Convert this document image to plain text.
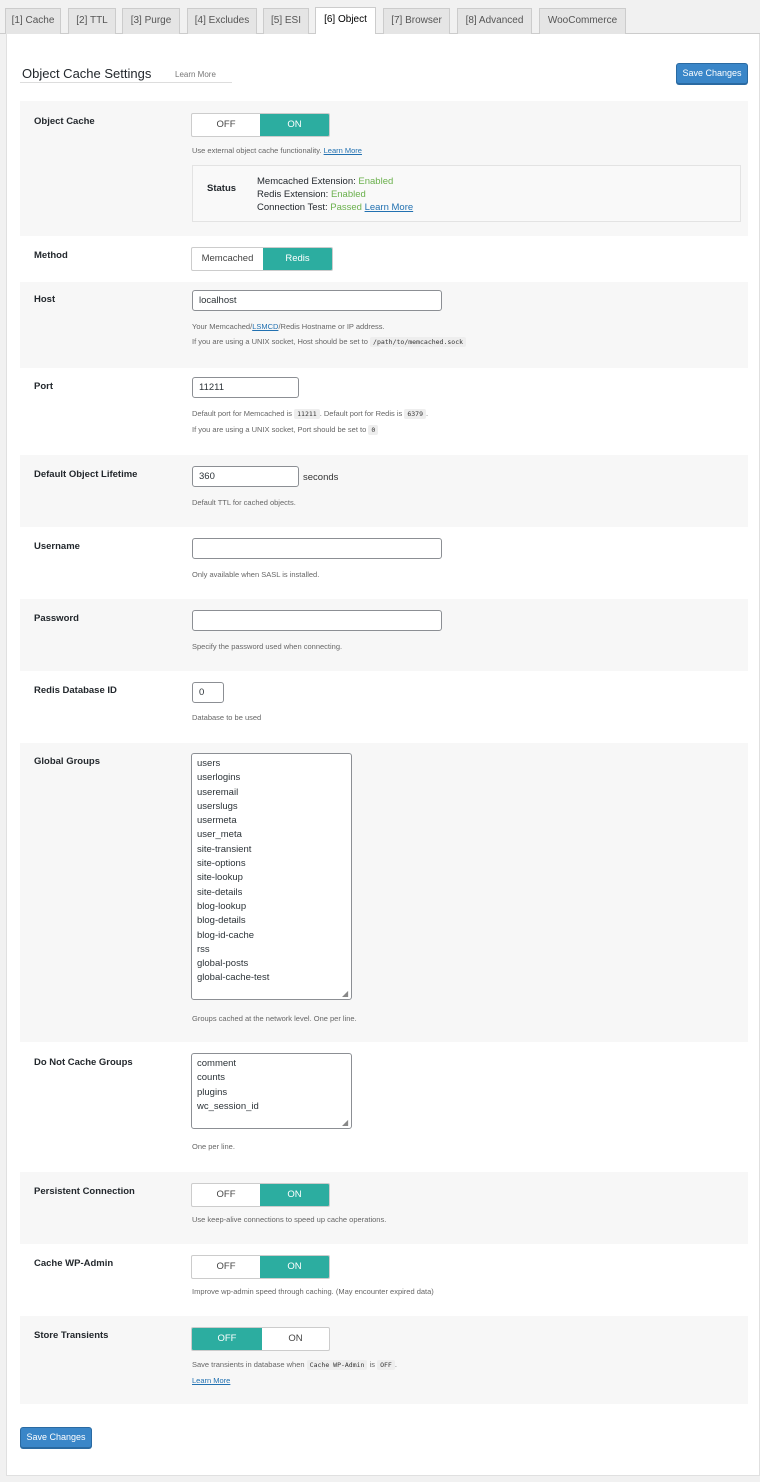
[1] Cache	[2] TTL	[3] Purge	[4] Excludes	[5] ESI	[6] Object	[7] Browser	[8] Advanced	WooCommerce
Object Cache Settings	Learn More	Save Changes
Object Cache	OFF	ON
Use external object cache functionality. Learn More
Status
Memcached Extension: Enabled
Redis Extension: Enabled
Connection Test: Passed Learn More
Method	Memcached	Redis
Host	localhost
Your Memcached/LSMCD/Redis Hostname or IP address.
If you are using a UNIX socket, Host should be set to /path/to/memcached.sock
Port	11211
Default port for Memcached is 11211 . Default port for Redis is 6379 .
If you are using a UNIX socket, Port should be set to 0
Default Object Lifetime	360	seconds
Default TTL for cached objects.
Username
Only available when SASL is installed.
Password
Specify the password used when connecting.
Redis Database ID	0
Database to be used
Global Groups	users
userlogins
useremail
userslugs
usermeta
user_meta
site-transient
site-options
site-lookup
site-details
blog-lookup
blog-details
blog-id-cache
rss
global-posts
global-cache-test
◢
Groups cached at the network level. One per line.
Do Not Cache Groups	comment
counts
plugins
wc_session_id
◢
One per line.
Persistent Connection	OFF	ON
Use keep-alive connections to speed up cache operations.
Cache WP-Admin	OFF	ON
Improve wp-admin speed through caching. (May encounter expired data)
Store Transients	OFF	ON
Save transients in database when Cache WP-Admin is OFF .
Learn More
Save Changes
